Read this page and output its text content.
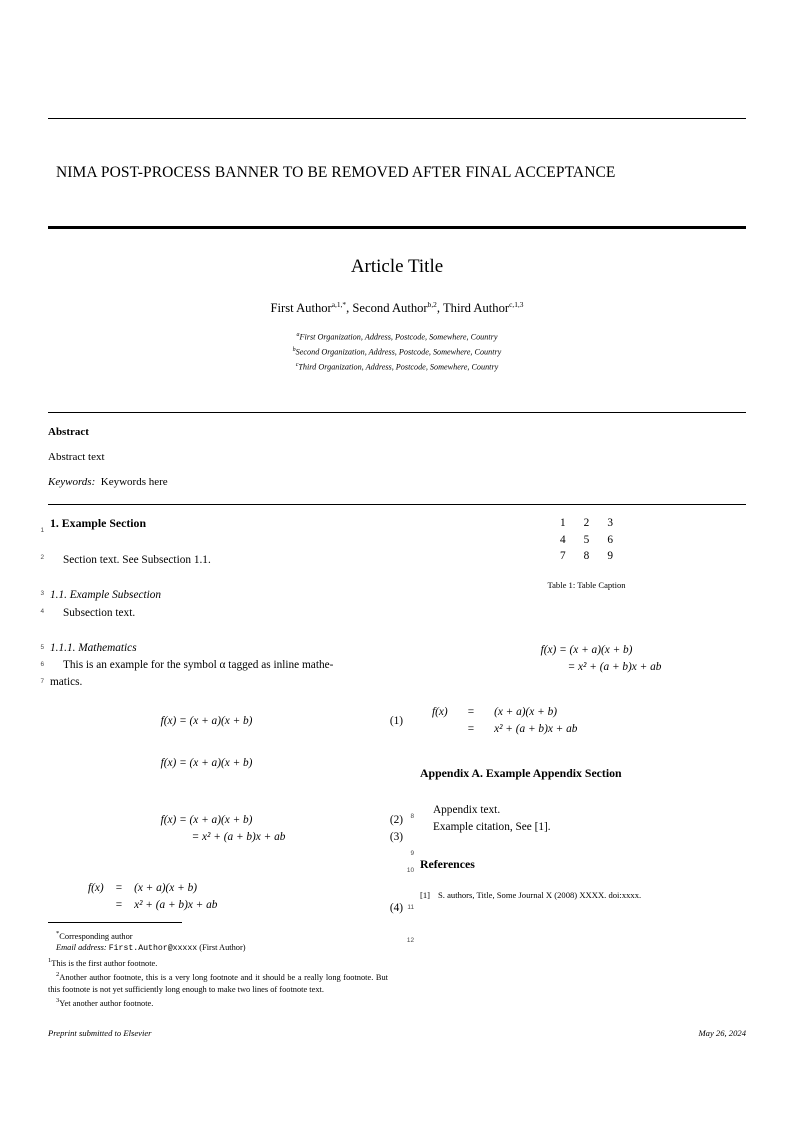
NIMA POST-PROCESS BANNER TO BE REMOVED AFTER FINAL ACCEPTANCE
Article Title
First Author$^{a,1,*}$, Second Author$^{b,2}$, Third Author$^{c,1,3}$
$^a$First Organization, Address, Postcode, Somewhere, Country
$^b$Second Organization, Address, Postcode, Somewhere, Country
$^c$Third Organization, Address, Postcode, Somewhere, Country
Abstract
Abstract text
Keywords: Keywords here
1
1. Example Section
2	Section text. See Subsection 1.1.

3 1.1. Example Subsection
4	Subsection text.

5 1.1.1. Mathematics
6	This is an example for the symbol α tagged as inline mathe-

7 matics.

f(x) = (x + a)(x + b)	(1)
f(x) = (x + a)(x + b)
f(x) = (x + a)(x + b)	(2)
= x² + (a + b)x + ab	(3)
f(x)	=	(x + a)(x + b)
	=	x² + (a + b)x + ab	(4)
1	2	3
4	5	6
7	8	9
Table 1: Table Caption
f(x) = (x + a)(x + b)
= x² + (a + b)x + ab
f(x)	=	(x + a)(x + b)
	=	x² + (a + b)x + ab
8
Appendix A. Example Appendix Section
9

Appendix text.

10

Example citation, See [1].

11
References
12
[1] S. authors, Title, Some Journal X (2008) XXXX. doi:xxxx.
*Corresponding author
Email address: First.Author@xxxxx (First Author)
$^1$This is the first author footnote.
$^2$Another author footnote, this is a very long footnote and it should be a really long footnote. But this footnote is not yet sufficiently long enough to make two lines of footnote text.
$^3$Yet another author footnote.
Preprint submitted to Elsevier	May 26, 2024
